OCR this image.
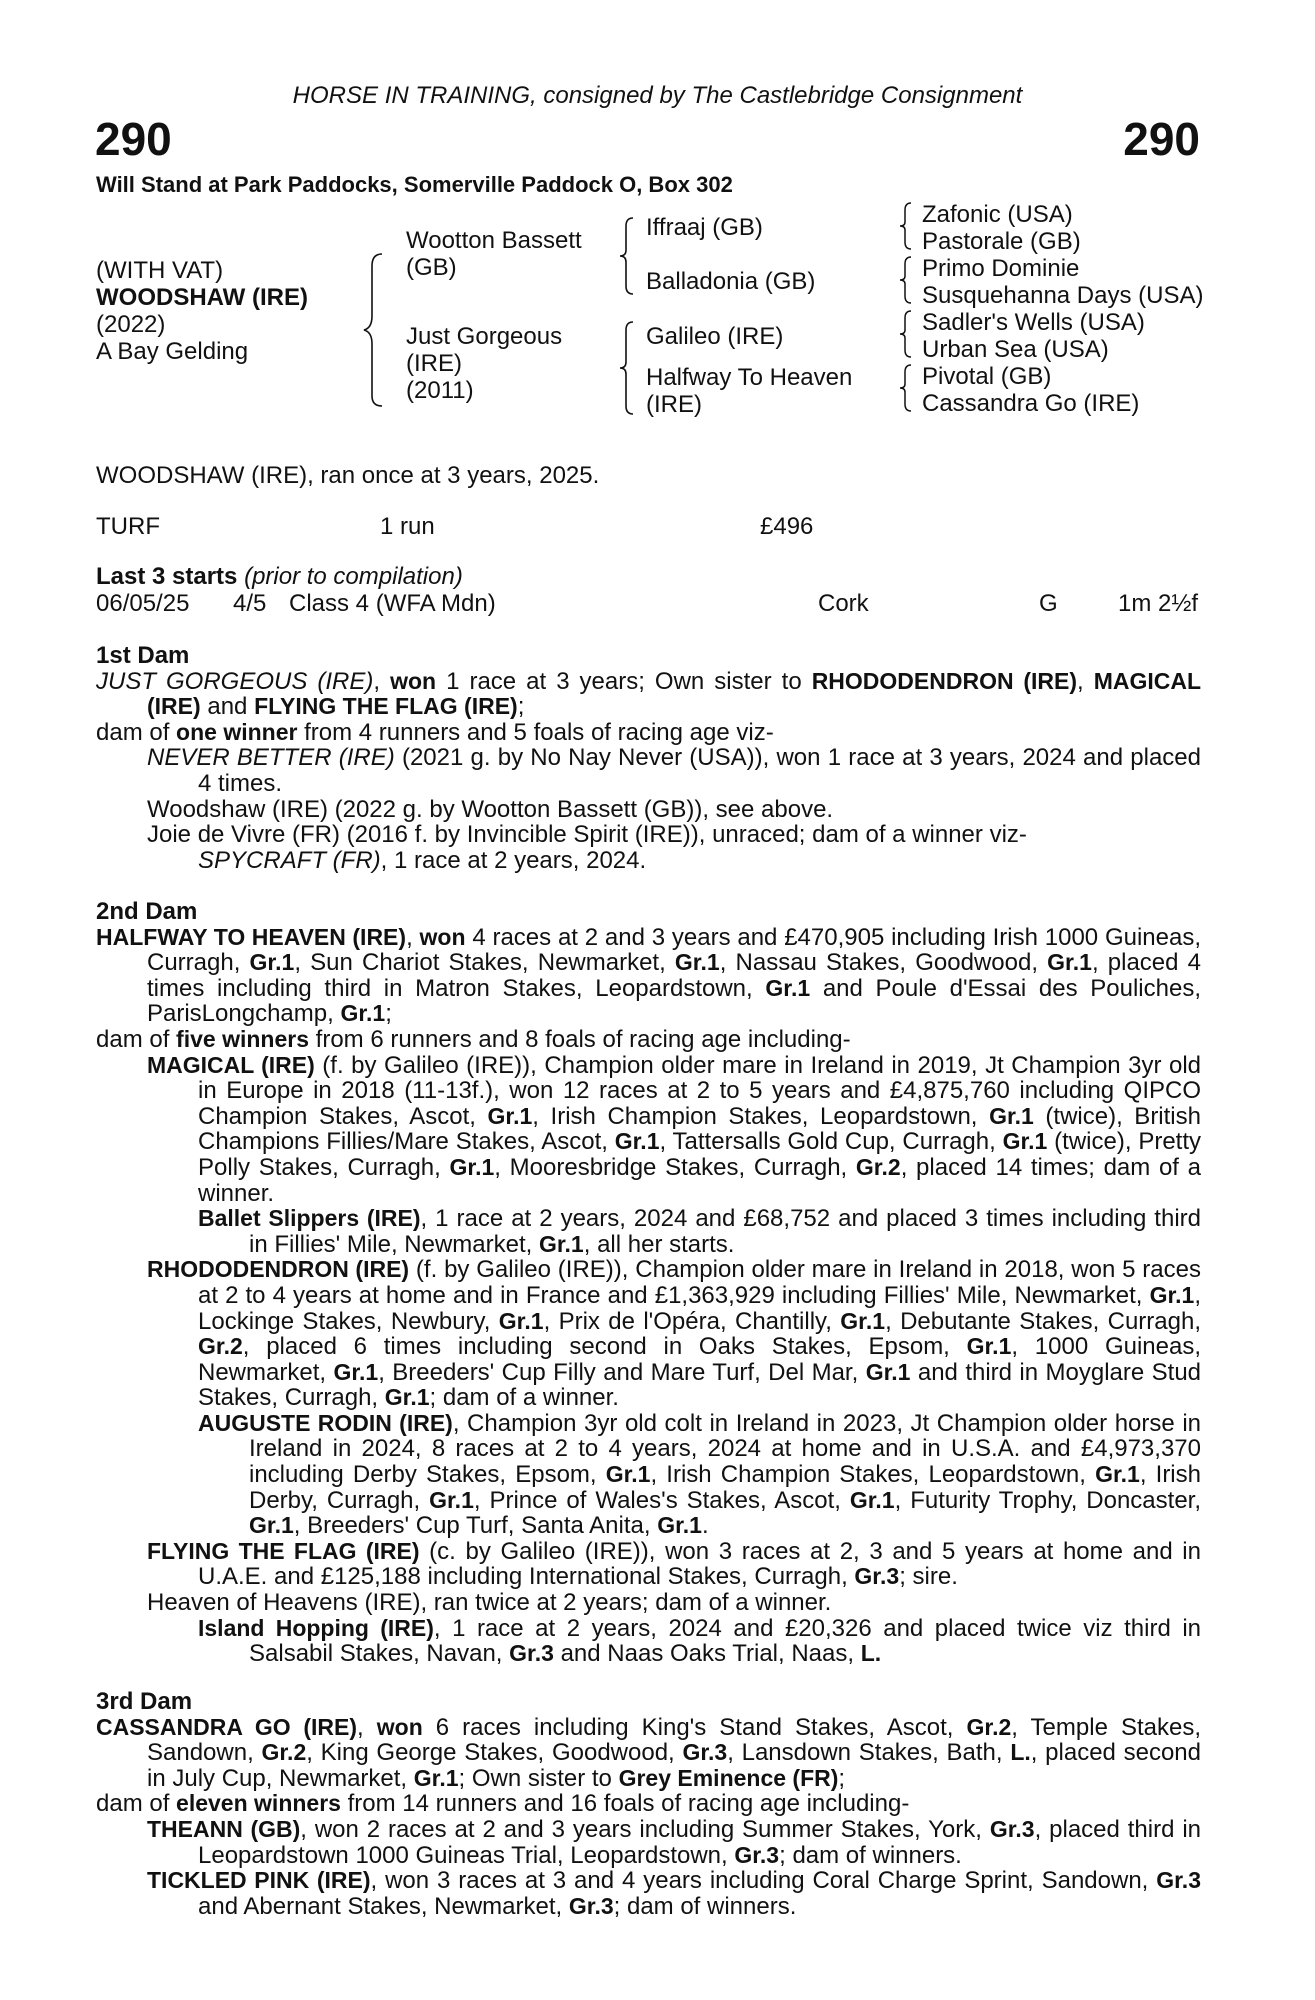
HORSE IN TRAINING, consigned by The Castlebridge Consignment
290	290
Will Stand at Park Paddocks, Somerville Paddock O, Box 302
(WITH VAT)
WOODSHAW (IRE)
(2022)
A Bay Gelding
Wootton Bassett
(GB)
Just Gorgeous
(IRE)
(2011)
Iffraaj (GB)
Balladonia (GB)
Galileo (IRE)
Halfway To Heaven
(IRE)
Zafonic (USA)
Pastorale (GB)
Primo Dominie
Susquehanna Days (USA)
Sadler's Wells (USA)
Urban Sea (USA)
Pivotal (GB)
Cassandra Go (IRE)
WOODSHAW (IRE), ran once at 3 years, 2025.
TURF	1 run	£496
Last 3 starts (prior to compilation)
06/05/25 4/5 Class 4 (WFA Mdn)	Cork	G	1m 2½f

1st Dam

JUST GORGEOUS (IRE), won 1 race at 3 years; Own sister to RHODODENDRON (IRE), MAGICAL (IRE) and FLYING THE FLAG (IRE);

dam of one winner from 4 runners and 5 foals of racing age viz-

NEVER BETTER (IRE) (2021 g. by No Nay Never (USA)), won 1 race at 3 years, 2024 and placed 4 times.

Woodshaw (IRE) (2022 g. by Wootton Bassett (GB)), see above.

Joie de Vivre (FR) (2016 f. by Invincible Spirit (IRE)), unraced; dam of a winner viz-

SPYCRAFT (FR), 1 race at 2 years, 2024.

2nd Dam

HALFWAY TO HEAVEN (IRE), won 4 races at 2 and 3 years and £470,905 including Irish 1000 Guineas, Curragh, Gr.1, Sun Chariot Stakes, Newmarket, Gr.1, Nassau Stakes, Goodwood, Gr.1, placed 4 times including third in Matron Stakes, Leopardstown, Gr.1 and Poule d'Essai des Pouliches, ParisLongchamp, Gr.1;

dam of five winners from 6 runners and 8 foals of racing age including-

MAGICAL (IRE) (f. by Galileo (IRE)), Champion older mare in Ireland in 2019, Jt Champion 3yr old in Europe in 2018 (11-13f.), won 12 races at 2 to 5 years and £4,875,760 including QIPCO Champion Stakes, Ascot, Gr.1, Irish Champion Stakes, Leopardstown, Gr.1 (twice), British Champions Fillies/Mare Stakes, Ascot, Gr.1, Tattersalls Gold Cup, Curragh, Gr.1 (twice), Pretty Polly Stakes, Curragh, Gr.1, Mooresbridge Stakes, Curragh, Gr.2, placed 14 times; dam of a winner.

Ballet Slippers (IRE), 1 race at 2 years, 2024 and £68,752 and placed 3 times including third in Fillies' Mile, Newmarket, Gr.1, all her starts.

RHODODENDRON (IRE) (f. by Galileo (IRE)), Champion older mare in Ireland in 2018, won 5 races at 2 to 4 years at home and in France and £1,363,929 including Fillies' Mile, Newmarket, Gr.1, Lockinge Stakes, Newbury, Gr.1, Prix de l'Opéra, Chantilly, Gr.1, Debutante Stakes, Curragh, Gr.2, placed 6 times including second in Oaks Stakes, Epsom, Gr.1, 1000 Guineas, Newmarket, Gr.1, Breeders' Cup Filly and Mare Turf, Del Mar, Gr.1 and third in Moyglare Stud Stakes, Curragh, Gr.1; dam of a winner.

AUGUSTE RODIN (IRE), Champion 3yr old colt in Ireland in 2023, Jt Champion older horse in Ireland in 2024, 8 races at 2 to 4 years, 2024 at home and in U.S.A. and £4,973,370 including Derby Stakes, Epsom, Gr.1, Irish Champion Stakes, Leopardstown, Gr.1, Irish Derby, Curragh, Gr.1, Prince of Wales's Stakes, Ascot, Gr.1, Futurity Trophy, Doncaster, Gr.1, Breeders' Cup Turf, Santa Anita, Gr.1.

FLYING THE FLAG (IRE) (c. by Galileo (IRE)), won 3 races at 2, 3 and 5 years at home and in U.A.E. and £125,188 including International Stakes, Curragh, Gr.3; sire.

Heaven of Heavens (IRE), ran twice at 2 years; dam of a winner.

Island Hopping (IRE), 1 race at 2 years, 2024 and £20,326 and placed twice viz third in Salsabil Stakes, Navan, Gr.3 and Naas Oaks Trial, Naas, L.

3rd Dam

CASSANDRA GO (IRE), won 6 races including King's Stand Stakes, Ascot, Gr.2, Temple Stakes, Sandown, Gr.2, King George Stakes, Goodwood, Gr.3, Lansdown Stakes, Bath, L., placed second in July Cup, Newmarket, Gr.1; Own sister to Grey Eminence (FR);

dam of eleven winners from 14 runners and 16 foals of racing age including-

THEANN (GB), won 2 races at 2 and 3 years including Summer Stakes, York, Gr.3, placed third in Leopardstown 1000 Guineas Trial, Leopardstown, Gr.3; dam of winners.

TICKLED PINK (IRE), won 3 races at 3 and 4 years including Coral Charge Sprint, Sandown, Gr.3 and Abernant Stakes, Newmarket, Gr.3; dam of winners.
